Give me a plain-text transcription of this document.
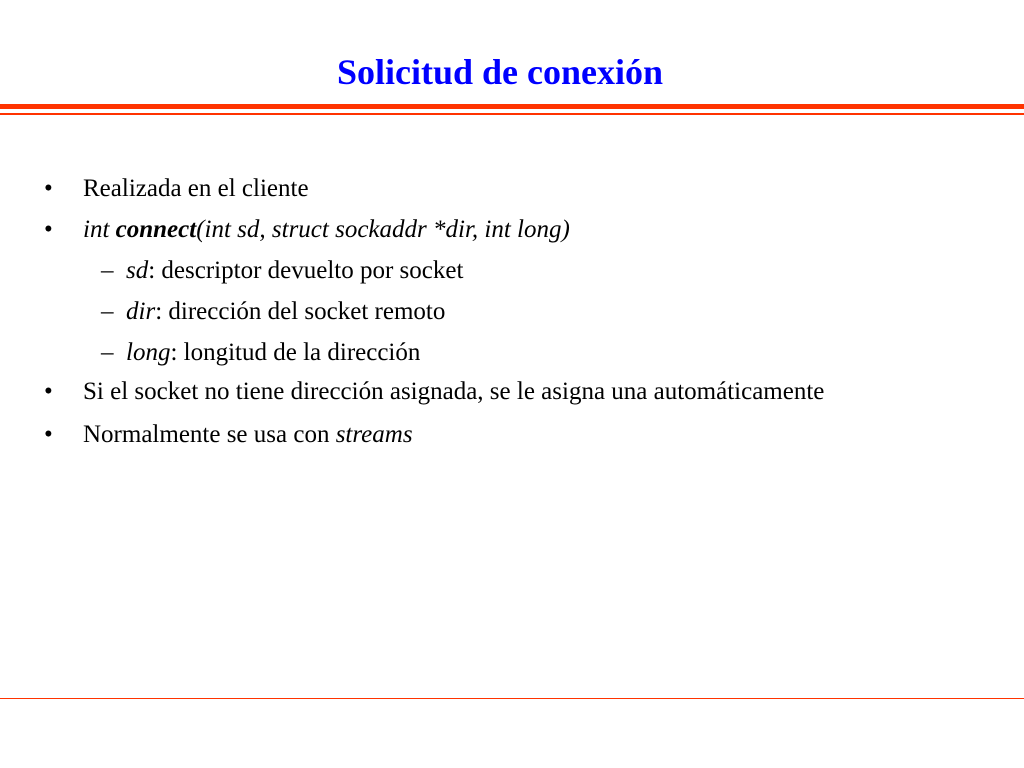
Solicitud de conexión
• Realizada en el cliente
• int connect(int sd, struct sockaddr *dir, int long)
– sd: descriptor devuelto por socket
– dir: dirección del socket remoto
– long: longitud de la dirección
• Si el socket no tiene dirección asignada, se le asigna una automáticamente
• Normalmente se usa con streams
